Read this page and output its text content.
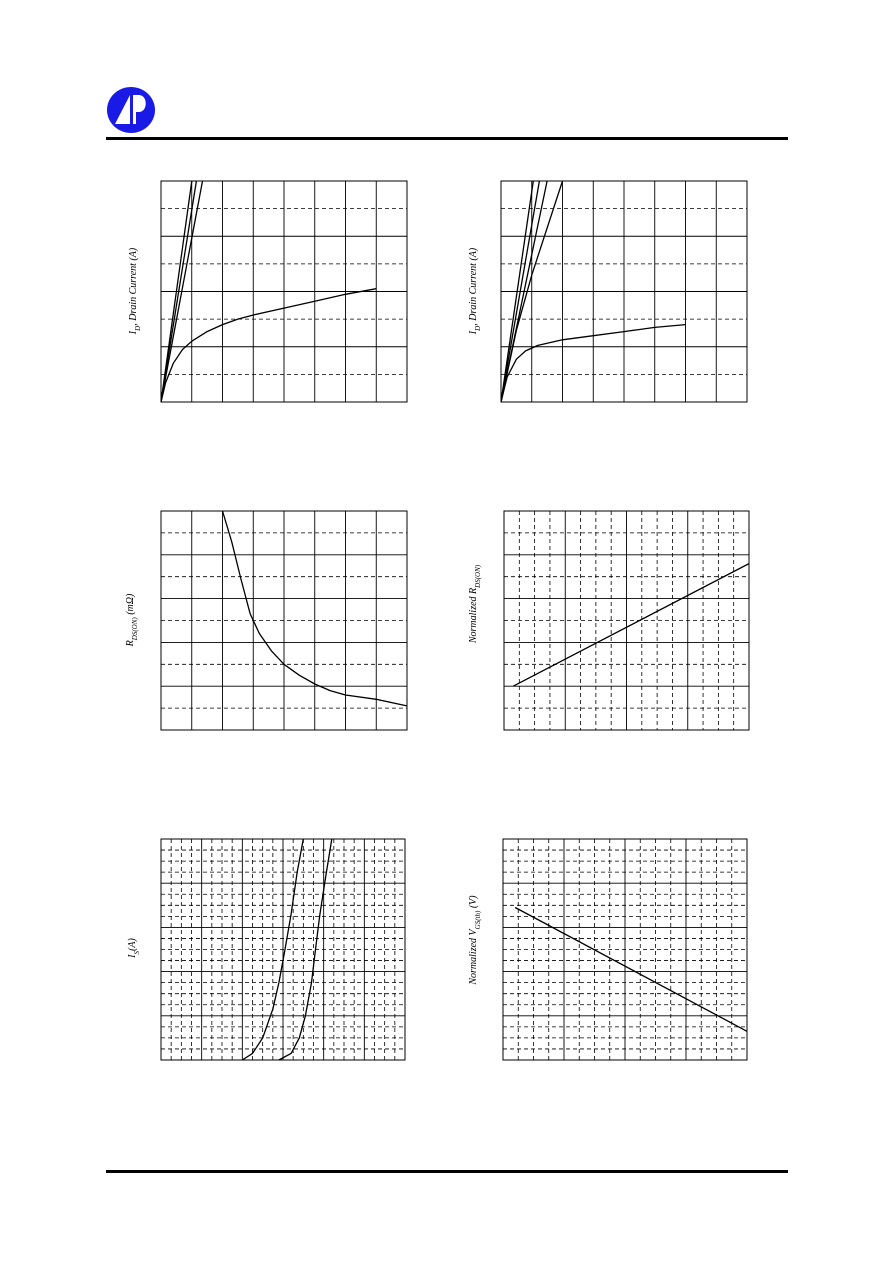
$I_D$, Drain Current (A)
$I_D$, Drain Current (A)
$R_{DS(ON)}$ (mΩ)	Normalized $R_{DS(ON)}$
$I_S(A)$	Normalized $V_{GS(th)}$ (V)
